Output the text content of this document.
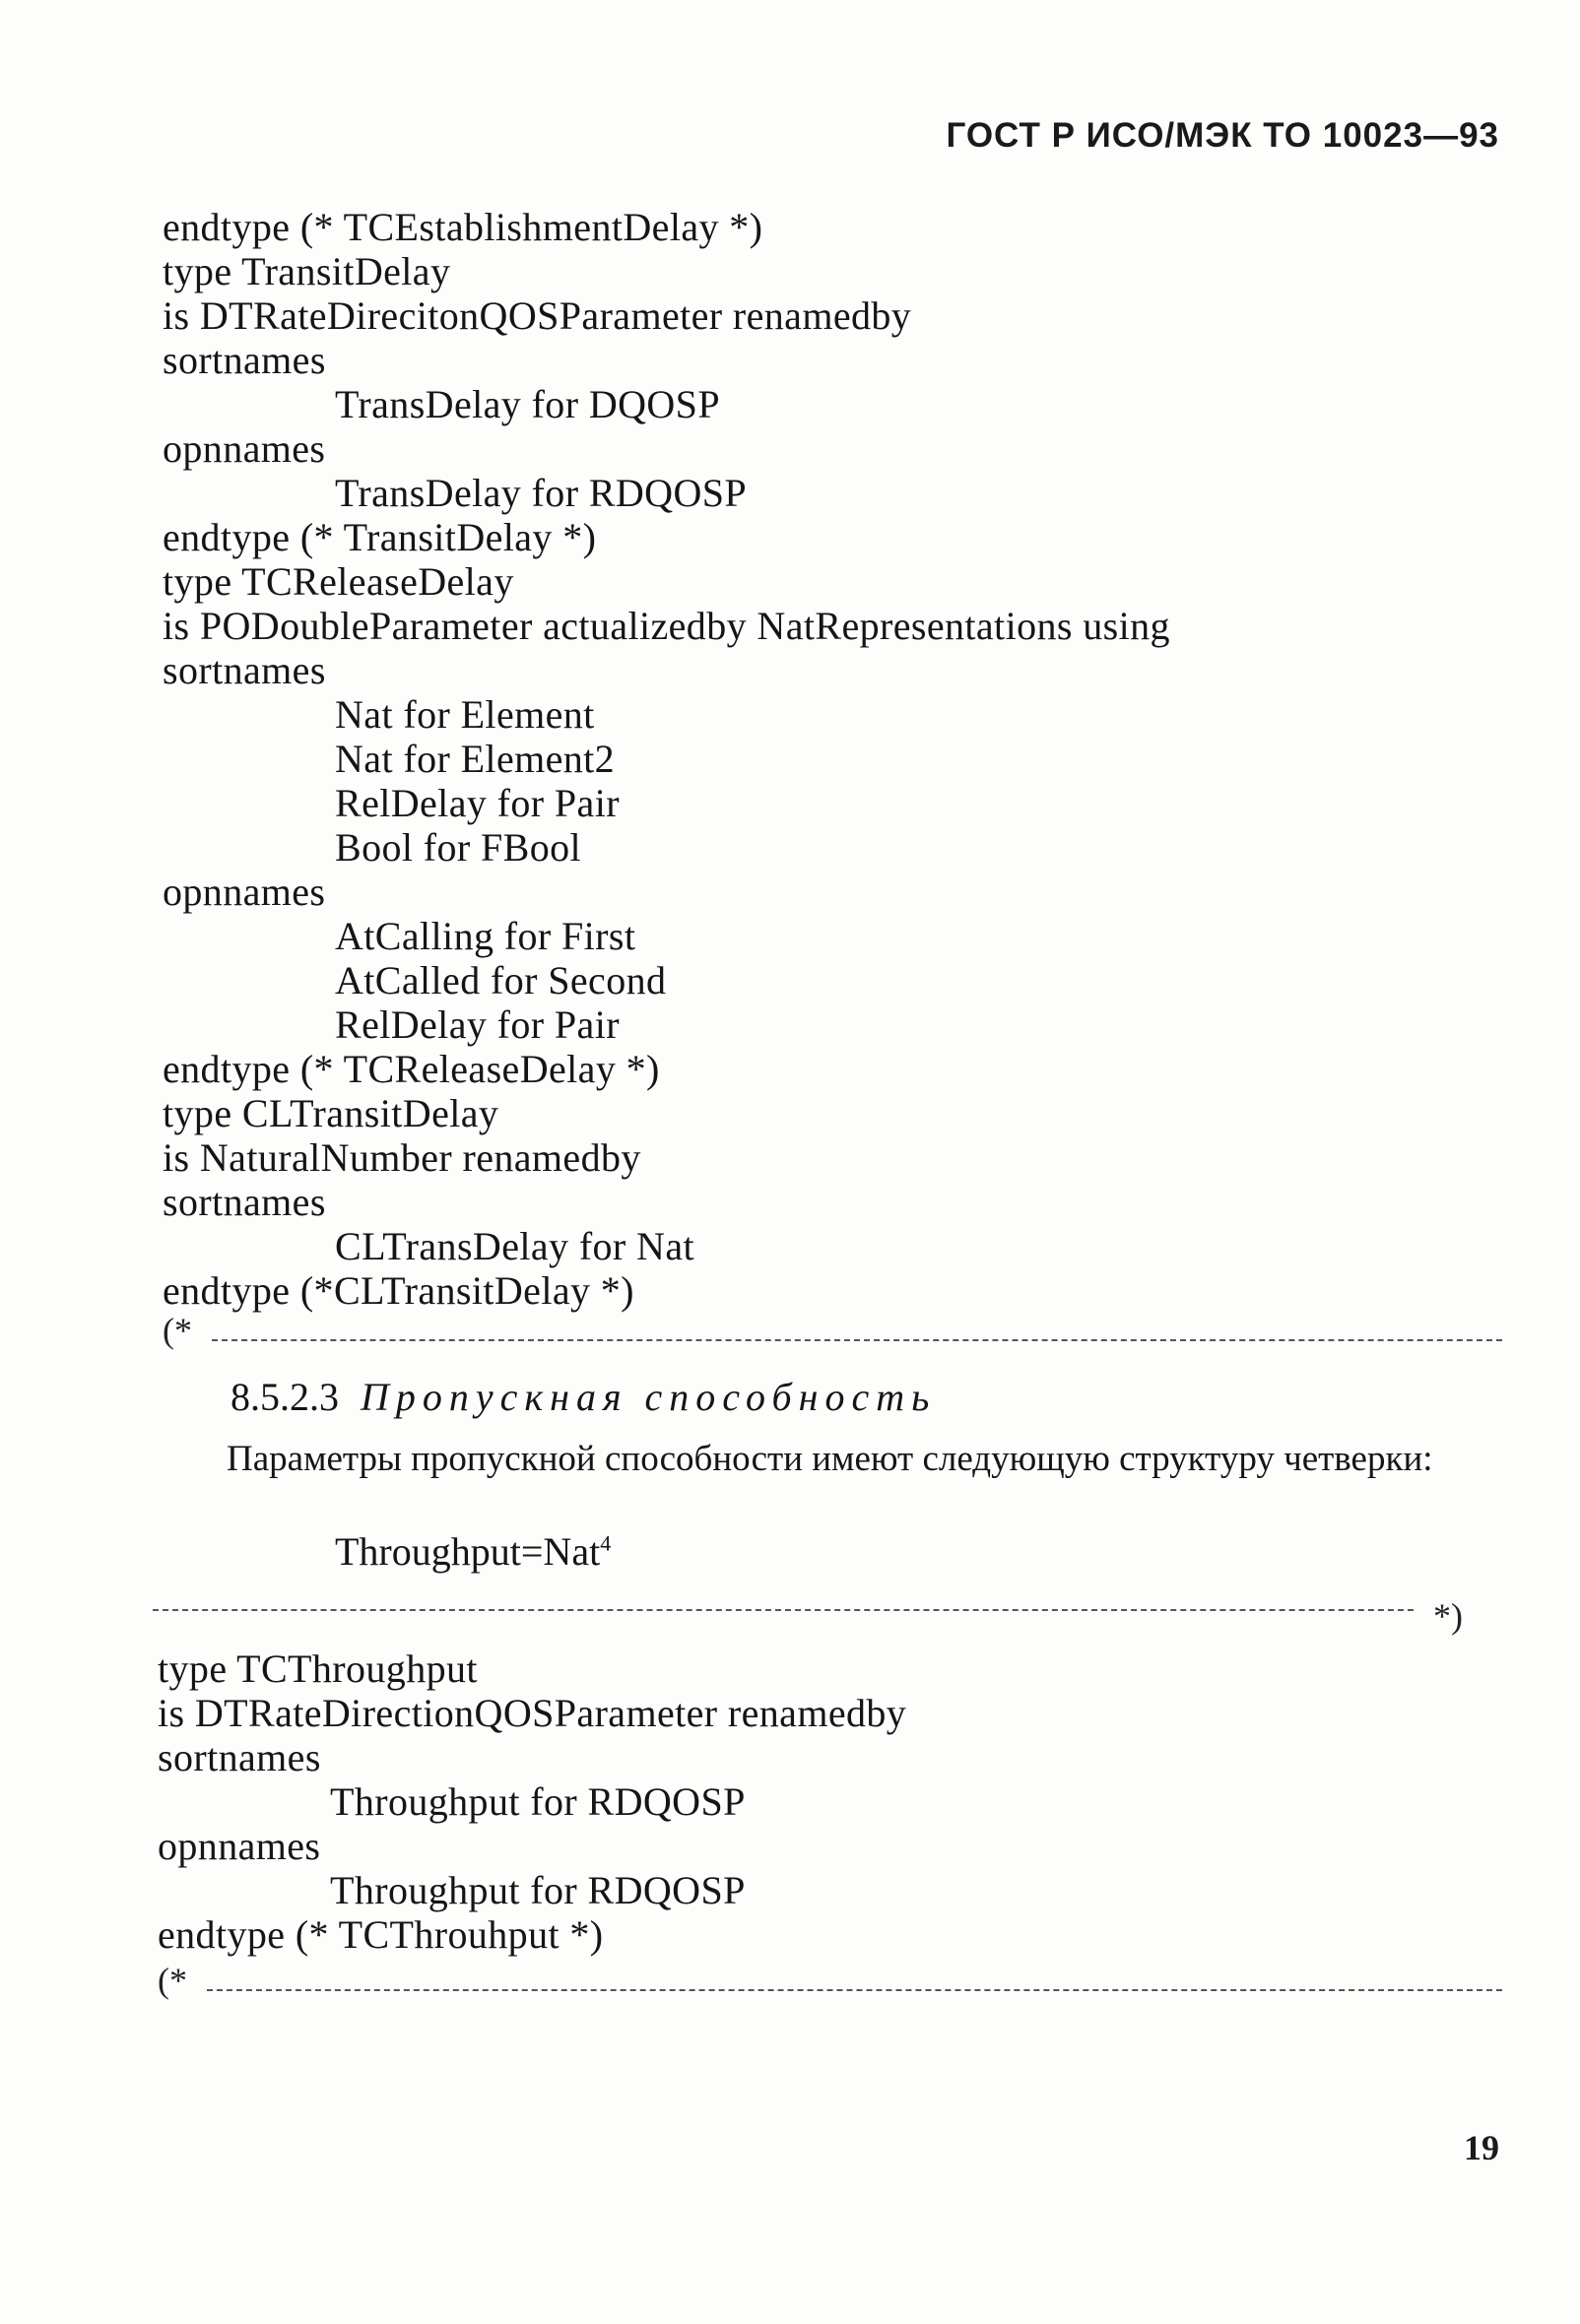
ГОСТ Р ИСО/МЭК ТО 10023—93
endtype (* TCEstablishmentDelay *)
type TransitDelay
is DTRateDirecitonQOSParameter renamedby
sortnames
TransDelay for DQOSP
opnnames
TransDelay for RDQOSP
endtype (* TransitDelay *)
type TCReleaseDelay
is PODoubleParameter actualizedby NatRepresentations using
sortnames
Nat for Element
Nat for Element2
RelDelay for Pair
Bool for FBool
opnnames
AtCalling for First
AtCalled for Second
RelDelay for Pair
endtype (* TCReleaseDelay *)
type CLTransitDelay
is NaturalNumber renamedby
sortnames
CLTransDelay for Nat
endtype (*CLTransitDelay *)
(*
8.5.2.3 Пропускная способность
Параметры пропускной способности имеют следующую структуру четверки:
Throughput=Nat$^4$
*)
type TCThroughput
is DTRateDirectionQOSParameter renamedby
sortnames
Throughput for RDQOSP
opnnames
Throughput for RDQOSP
endtype (* TCThrouhput *)
(*
19
